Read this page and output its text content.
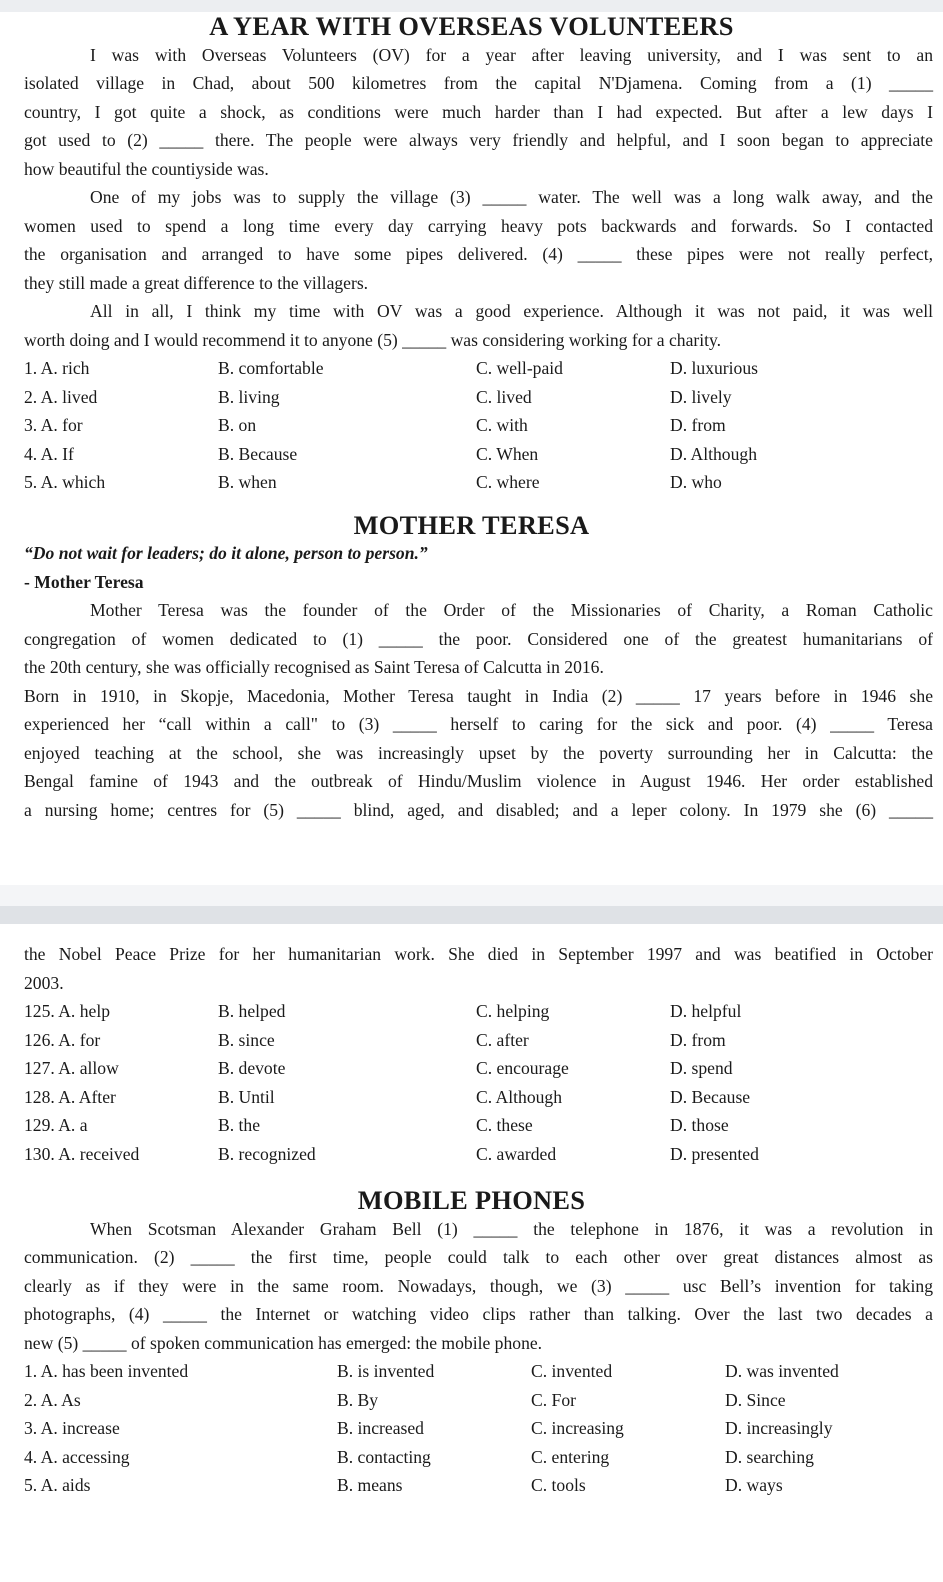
A YEAR WITH OVERSEAS VOLUNTEERS

I was with Overseas Volunteers (OV) for a year after leaving university, and I was sent to an

isolated village in Chad, about 500 kilometres from the capital N'Djamena. Coming from a (1) _____

country, I got quite a shock, as conditions were much harder than I had expected. But after a lew days I

got used to (2) _____ there. The people were always very friendly and helpful, and I soon began to appreciate

how beautiful the countiyside was.

One of my jobs was to supply the village (3) _____ water. The well was a long walk away, and the

women used to spend a long time every day carrying heavy pots backwards and forwards. So I contacted

the organisation and arranged to have some pipes delivered. (4) _____ these pipes were not really perfect,

they still made a great difference to the villagers.

All in all, I think my time with OV was a good experience. Although it was not paid, it was well

worth doing and I would recommend it to anyone (5) _____ was considering working for a charity.

1. A. rich	B. comfortable	C. well-paid	D. luxurious
2. A. lived	B. living	C. lived	D. lively
3. A. for	B. on	C. with	D. from
4. A. If	B. Because	C. When	D. Although
5. A. which	B. when	C. where	D. who
MOTHER TERESA

“Do not wait for leaders; do it alone, person to person.”

- Mother Teresa

Mother Teresa was the founder of the Order of the Missionaries of Charity, a Roman Catholic

congregation of women dedicated to (1) _____ the poor. Considered one of the greatest humanitarians of

the 20th century, she was officially recognised as Saint Teresa of Calcutta in 2016.

Born in 1910, in Skopje, Macedonia, Mother Teresa taught in India (2) _____ 17 years before in 1946 she

experienced her “call within a call" to (3) _____ herself to caring for the sick and poor. (4) _____ Teresa

enjoyed teaching at the school, she was increasingly upset by the poverty surrounding her in Calcutta: the

Bengal famine of 1943 and the outbreak of Hindu/Muslim violence in August 1946. Her order established

a nursing home; centres for (5) _____ blind, aged, and disabled; and a leper colony. In 1979 she (6) _____

the Nobel Peace Prize for her humanitarian work. She died in September 1997 and was beatified in October

2003.

125. A. help	B. helped	C. helping	D. helpful
126. A. for	B. since	C. after	D. from
127. A. allow	B. devote	C. encourage	D. spend
128. A. After	B. Until	C. Although	D. Because
129. A. a	B. the	C. these	D. those
130. A. received	B. recognized	C. awarded	D. presented
MOBILE PHONES

When Scotsman Alexander Graham Bell (1) _____ the telephone in 1876, it was a revolution in

communication. (2) _____ the first time, people could talk to each other over great distances almost as

clearly as if they were in the same room. Nowadays, though, we (3) _____ usc Bell’s invention for taking

photographs, (4) _____ the Internet or watching video clips rather than talking. Over the last two decades a

new (5) _____ of spoken communication has emerged: the mobile phone.

1. A. has been invented	B. is invented	C. invented	D. was invented
2. A. As	B. By	C. For	D. Since
3. A. increase	B. increased	C. increasing	D. increasingly
4. A. accessing	B. contacting	C. entering	D. searching
5. A. aids	B. means	C. tools	D. ways
